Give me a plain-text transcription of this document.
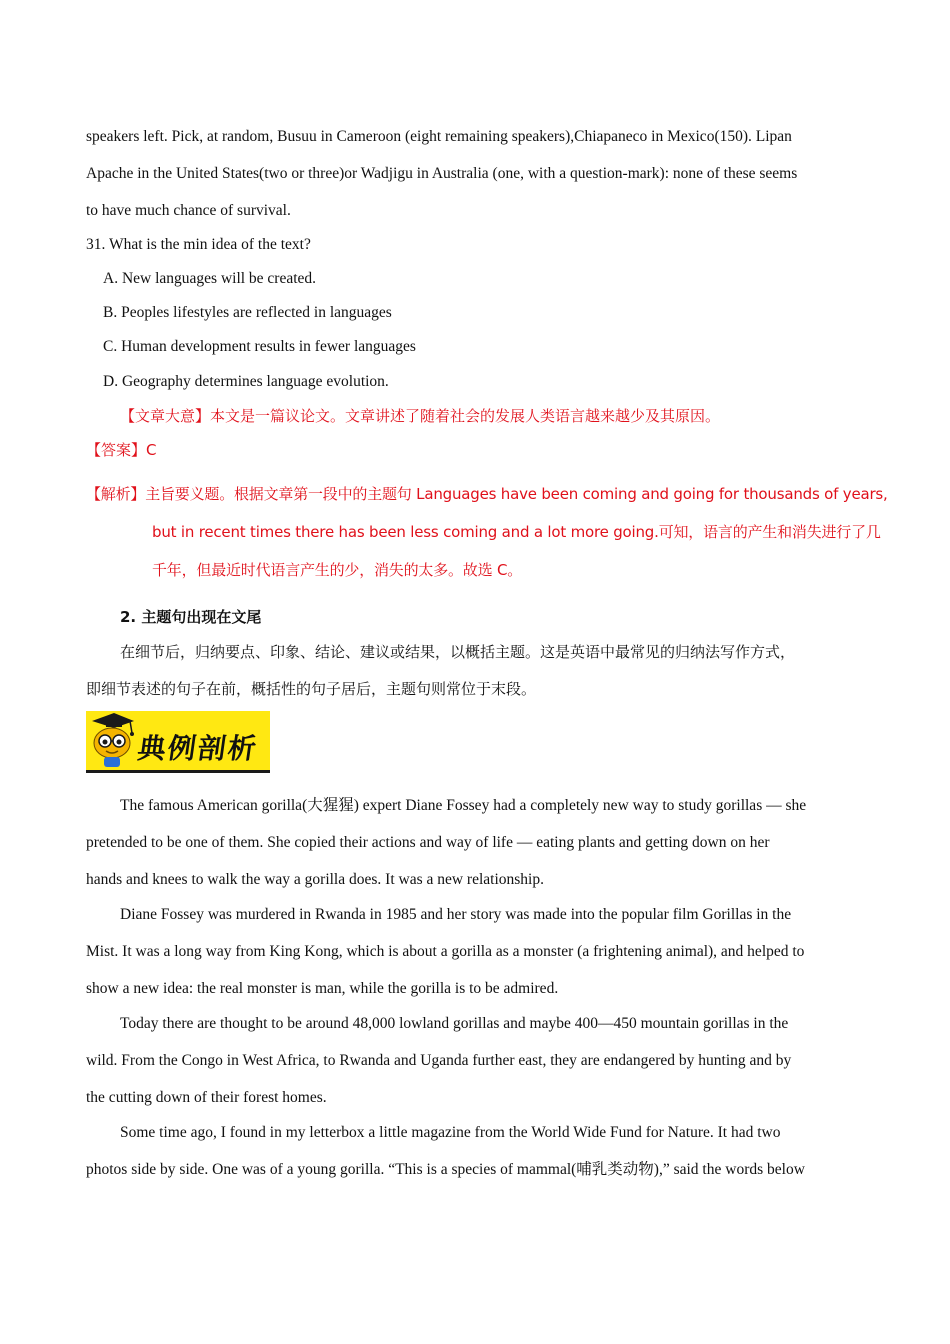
speakers left. Pick, at random, Busuu in Cameroon (eight remaining speakers),Chiapaneco in Mexico(150). Lipan
Apache in the United States(two or three)or Wadjigu in Australia (one, with a question-mark): none of these seems
to have much chance of survival.
31. What is the min idea of the text?
A. New languages will be created.
B. Peoples lifestyles are reflected in languages
C. Human development results in fewer languages
D. Geography determines language evolution.
【文章大意】本文是一篇议论文。文章讲述了随着社会的发展人类语言越来越少及其原因。
【答案】C
【解析】主旨要义题。根据文章第一段中的主题句 Languages have been coming and going for thousands of years,
but in recent times there has been less coming and a lot more going.可知，语言的产生和消失进行了几
千年，但最近时代语言产生的少，消失的太多。故选 C。
2. 主题句出现在文尾
在细节后，归纳要点、印象、结论、建议或结果，以概括主题。这是英语中最常见的归纳法写作方式，
即细节表述的句子在前，概括性的句子居后，主题句则常位于末段。
典例剖析
The famous American gorilla(大猩猩) expert Diane Fossey had a completely new way to study gorillas — she
pretended to be one of them. She copied their actions and way of life — eating plants and getting down on her
hands and knees to walk the way a gorilla does. It was a new relationship.
Diane Fossey was murdered in Rwanda in 1985 and her story was made into the popular film Gorillas in the
Mist. It was a long way from King Kong, which is about a gorilla as a monster (a frightening animal), and helped to
show a new idea: the real monster is man, while the gorilla is to be admired.
Today there are thought to be around 48,000 lowland gorillas and maybe 400—450 mountain gorillas in the
wild. From the Congo in West Africa, to Rwanda and Uganda further east, they are endangered by hunting and by
the cutting down of their forest homes.
Some time ago, I found in my letterbox a little magazine from the World Wide Fund for Nature. It had two
photos side by side. One was of a young gorilla. “This is a species of mammal(哺乳类动物),” said the words below
